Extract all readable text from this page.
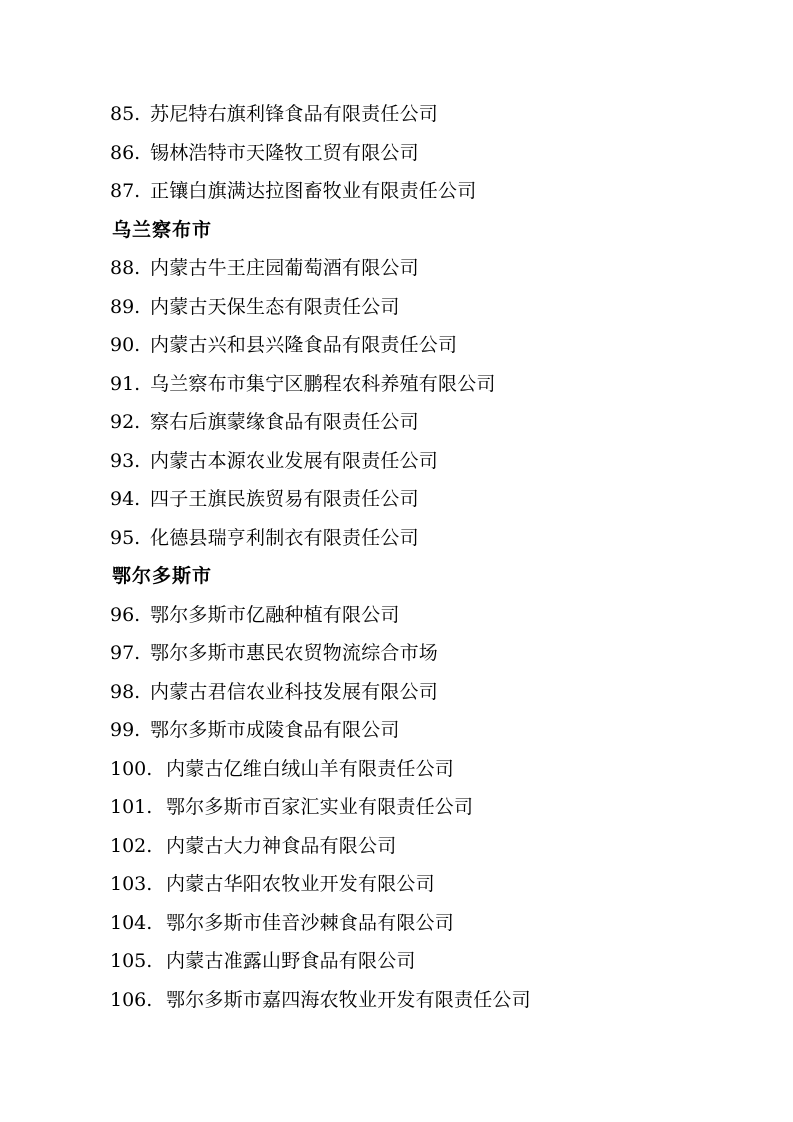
85. 苏尼特右旗利锋食品有限责任公司
86. 锡林浩特市天隆牧工贸有限公司
87. 正镶白旗满达拉图畜牧业有限责任公司
乌兰察布市
88. 内蒙古牛王庄园葡萄酒有限公司
89. 内蒙古天保生态有限责任公司
90. 内蒙古兴和县兴隆食品有限责任公司
91. 乌兰察布市集宁区鹏程农科养殖有限公司
92. 察右后旗蒙缘食品有限责任公司
93. 内蒙古本源农业发展有限责任公司
94. 四子王旗民族贸易有限责任公司
95. 化德县瑞亨利制衣有限责任公司
鄂尔多斯市
96. 鄂尔多斯市亿融种植有限公司
97. 鄂尔多斯市惠民农贸物流综合市场
98. 内蒙古君信农业科技发展有限公司
99. 鄂尔多斯市成陵食品有限公司
100. 内蒙古亿维白绒山羊有限责任公司
101. 鄂尔多斯市百家汇实业有限责任公司
102. 内蒙古大力神食品有限公司
103. 内蒙古华阳农牧业开发有限公司
104. 鄂尔多斯市佳音沙棘食品有限公司
105. 内蒙古准露山野食品有限公司
106. 鄂尔多斯市嘉四海农牧业开发有限责任公司
